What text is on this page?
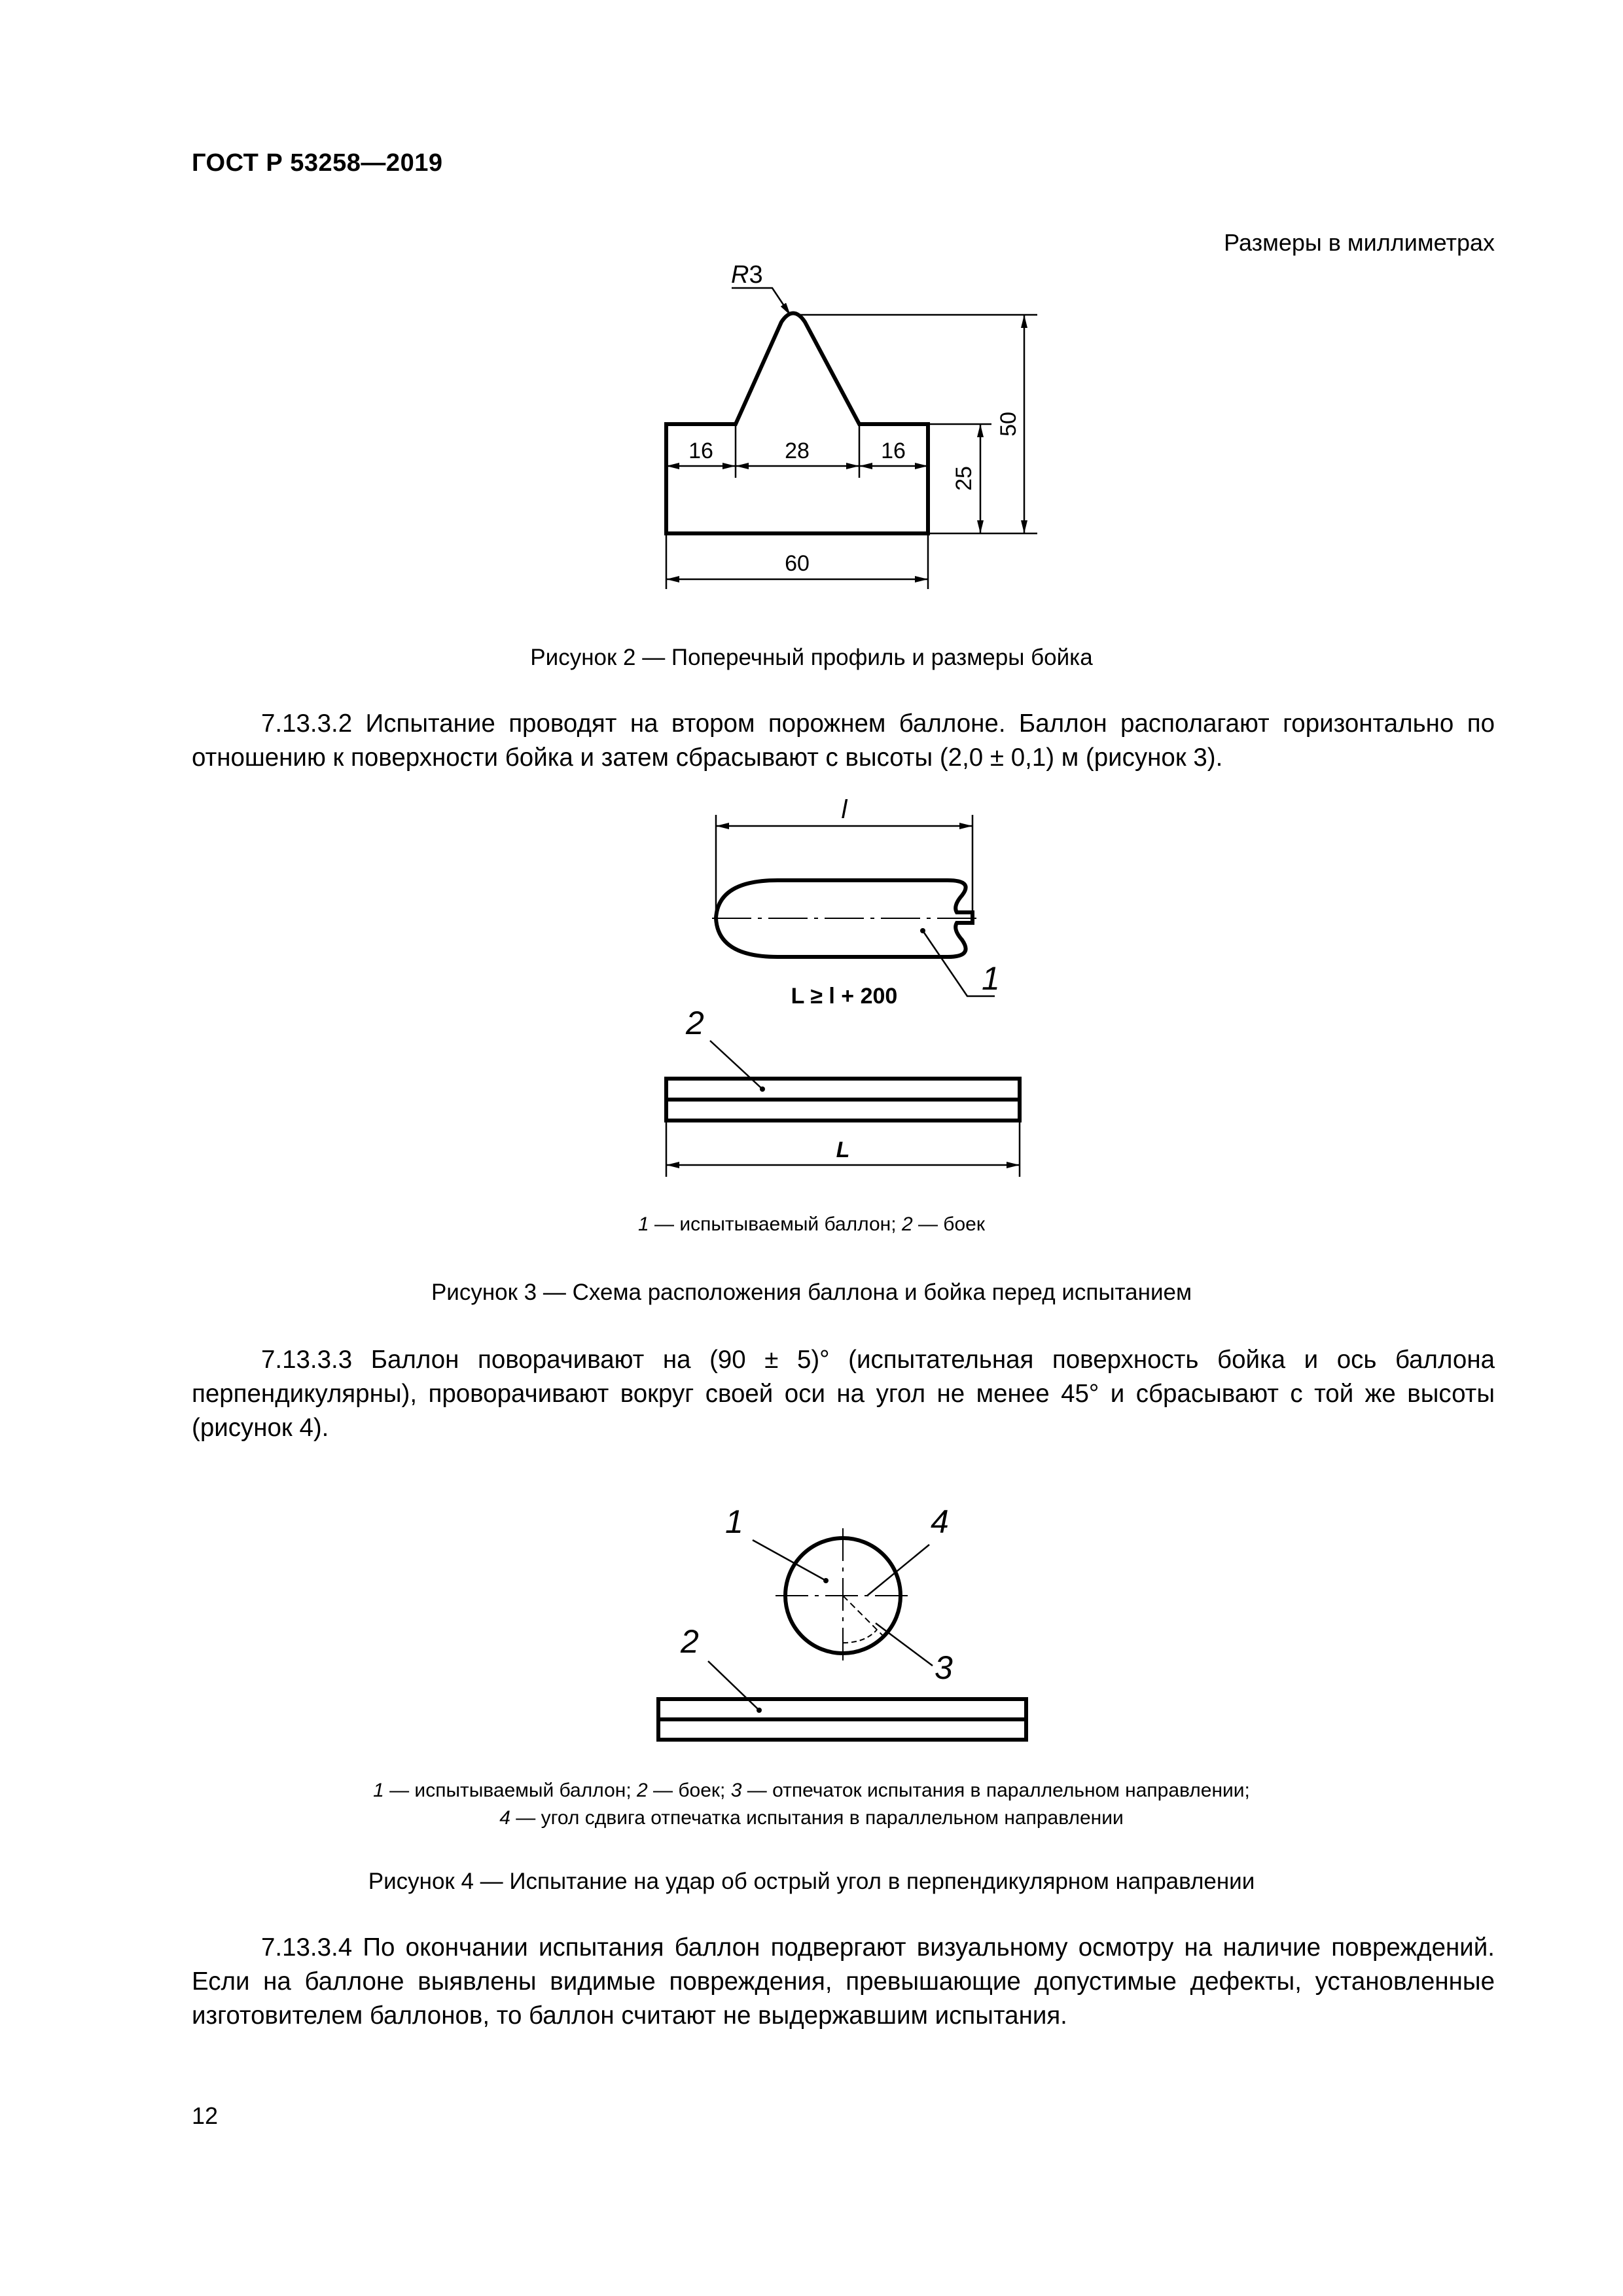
ГОСТ Р 53258—2019
Размеры в миллиметрах
R3
16	28	16
60
25
50
Рисунок 2 — Поперечный профиль и размеры бойка
7.13.3.2 Испытание проводят на втором порожнем баллоне. Баллон располагают горизонтально по отношению к поверхности бойка и затем сбрасывают с высоты (2,0 ± 0,1) м (рисунок 3).
l
1
L ≥ l + 200
2
L
1 — испытываемый баллон; 2 — боек
Рисунок 3 — Схема расположения баллона и бойка перед испытанием
7.13.3.3 Баллон поворачивают на (90 ± 5)° (испытательная поверхность бойка и ось баллона перпендикулярны), проворачивают вокруг своей оси на угол не менее 45° и сбрасывают с той же высоты (рисунок 4).
1	4
3
2
1 — испытываемый баллон; 2 — боек; 3 — отпечаток испытания в параллельном направлении;
4 — угол сдвига отпечатка испытания в параллельном направлении
Рисунок 4 — Испытание на удар об острый угол в перпендикулярном направлении
7.13.3.4 По окончании испытания баллон подвергают визуальному осмотру на наличие повреждений. Если на баллоне выявлены видимые повреждения, превышающие допустимые дефекты, установленные изготовителем баллонов, то баллон считают не выдержавшим испытания.
12
